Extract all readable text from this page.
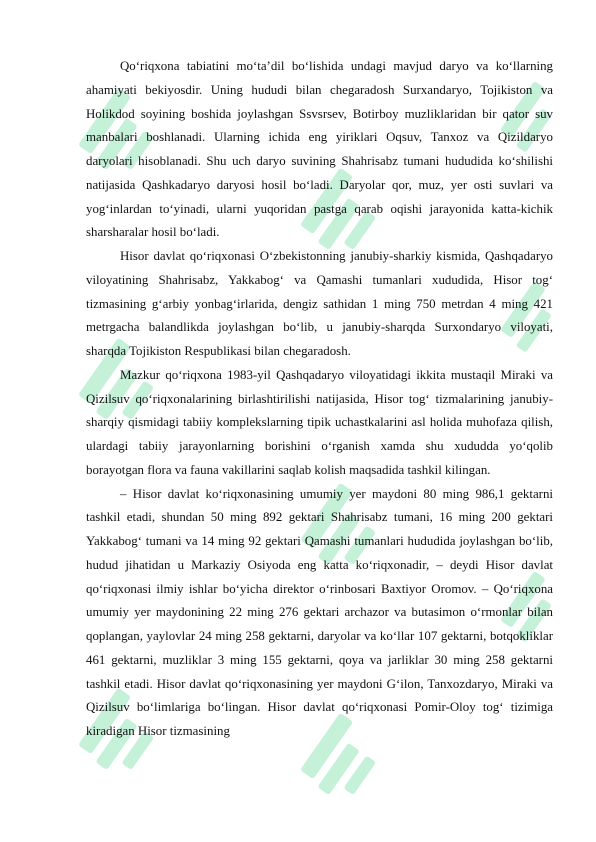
Qo‘riqxona tabiatini mo‘ta’dil bo‘lishida undagi mavjud daryo va ko‘llarning ahamiyati bekiyosdir. Uning hududi bilan chegaradosh Surxandaryo, Tojikiston va Holikdod soyining boshida joylashgan Ssvsrsev, Botirboy muzliklaridan bir qator suv manbalari boshlanadi. Ularning ichida eng yiriklari Oqsuv, Tanxoz va Qizildaryo daryolari hisoblanadi. Shu uch daryo suvining Shahrisabz tumani hududida ko‘shilishi natijasida Qashkadaryo daryosi hosil bo‘ladi. Daryolar qor, muz, yer osti suvlari va yog‘inlardan to‘yinadi, ularni yuqoridan pastga qarab oqishi jarayonida katta-kichik sharsharalar hosil bo‘ladi.

Hisor davlat qo‘riqxonasi O‘zbekistonning janubiy-sharkiy kismida, Qashqadaryo viloyatining Shahrisabz, Yakkabog‘ va Qamashi tumanlari xududida, Hisor tog‘ tizmasining g‘arbiy yonbag‘irlarida, dengiz sathidan 1 ming 750 metrdan 4 ming 421 metrgacha balandlikda joylashgan bo‘lib, u janubiy-sharqda Surxondaryo viloyati, sharqda Tojikiston Respublikasi bilan chegaradosh.

Mazkur qo‘riqxona 1983-yil Qashqadaryo viloyatidagi ikkita mustaqil Miraki va Qizilsuv qo‘riqxonalarining birlashtirilishi natijasida, Hisor tog‘ tizmalarining janubiy-sharqiy qismidagi tabiiy komplekslarning tipik uchastkalarini asl holida muhofaza qilish, ulardagi tabiiy jarayonlarning borishini o‘rganish xamda shu xududda yo‘qolib borayotgan flora va fauna vakillarini saqlab kolish maqsadida tashkil kilingan.

– Hisor davlat ko‘riqxonasining umumiy yer maydoni 80 ming 986,1 gektarni tashkil etadi, shundan 50 ming 892 gektari Shahrisabz tumani, 16 ming 200 gektari Yakkabog‘ tumani va 14 ming 92 gektari Qamashi tumanlari hududida joylashgan bo‘lib, hudud jihatidan u Markaziy Osiyoda eng katta ko‘riqxonadir, – deydi Hisor davlat qo‘riqxonasi ilmiy ishlar bo‘yicha direktor o‘rinbosari Baxtiyor Oromov. – Qo‘riqxona umumiy yer maydonining 22 ming 276 gektari archazor va butasimon o‘rmonlar bilan qoplangan, yaylovlar 24 ming 258 gektarni, daryolar va ko‘llar 107 gektarni, botqokliklar 461 gektarni, muzliklar 3 ming 155 gektarni, qoya va jarliklar 30 ming 258 gektarni tashkil etadi. Hisor davlat qo‘riqxonasining yer maydoni G‘ilon, Tanxozdaryo, Miraki va Qizilsuv bo‘limlariga bo‘lingan. Hisor davlat qo‘riqxonasi Pomir-Oloy tog‘ tizimiga kiradigan Hisor tizmasining
